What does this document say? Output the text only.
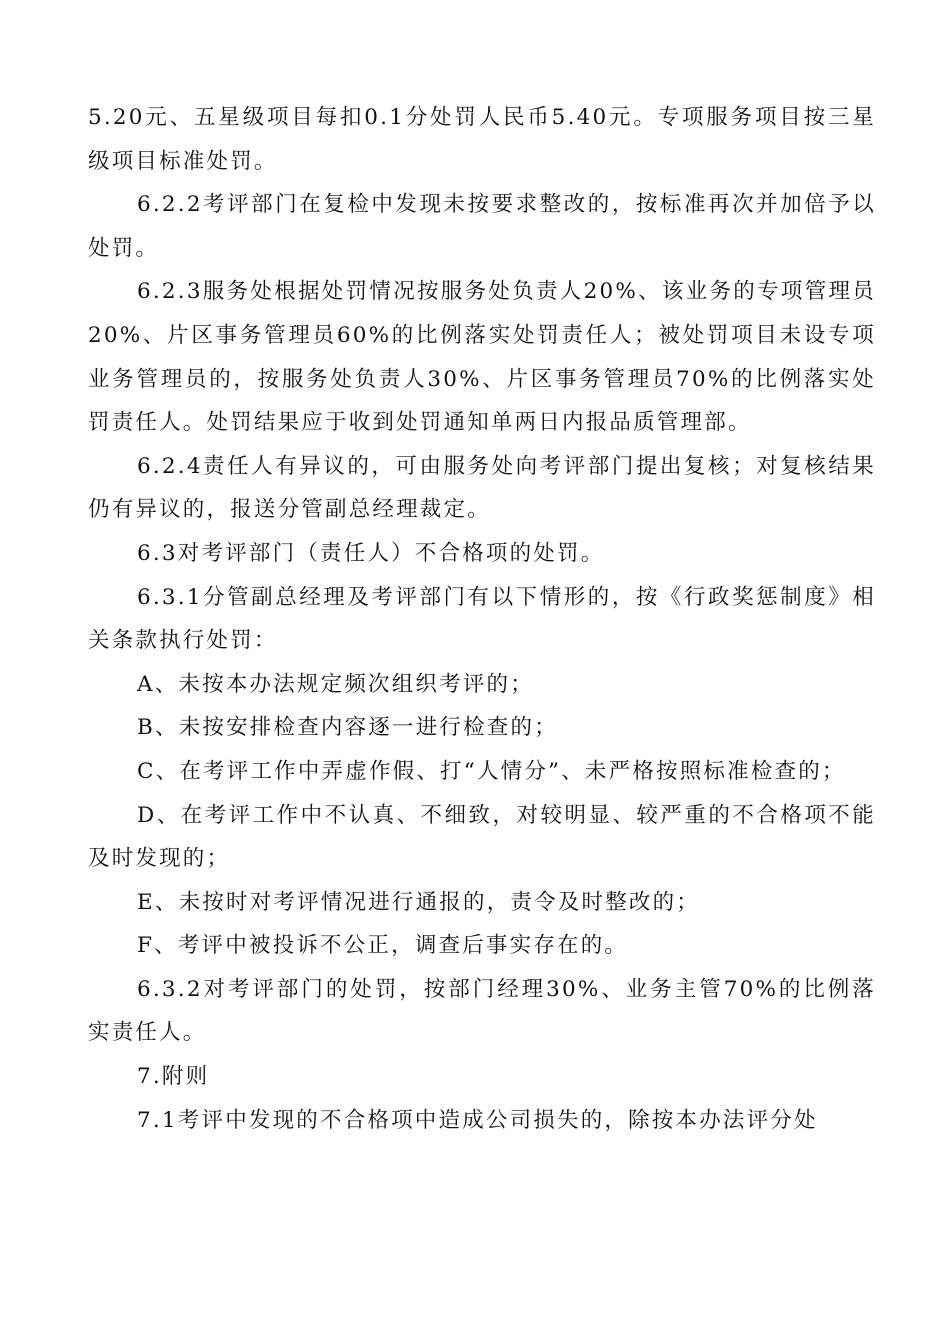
5.20元、五星级项目每扣0.1分处罚人民币5.40元。专项服务项目按三星级项目标准处罚。

6.2.2考评部门在复检中发现未按要求整改的，按标准再次并加倍予以处罚。

6.2.3服务处根据处罚情况按服务处负责人20%、该业务的专项管理员20%、片区事务管理员60%的比例落实处罚责任人；被处罚项目未设专项业务管理员的，按服务处负责人30%、片区事务管理员70%的比例落实处罚责任人。处罚结果应于收到处罚通知单两日内报品质管理部。

6.2.4责任人有异议的，可由服务处向考评部门提出复核；对复核结果仍有异议的，报送分管副总经理裁定。

6.3对考评部门（责任人）不合格项的处罚。

6.3.1分管副总经理及考评部门有以下情形的，按《行政奖惩制度》相关条款执行处罚：

A、未按本办法规定频次组织考评的；

B、未按安排检查内容逐一进行检查的；

C、在考评工作中弄虚作假、打“人情分”、未严格按照标准检查的；

D、在考评工作中不认真、不细致，对较明显、较严重的不合格项不能及时发现的；

E、未按时对考评情况进行通报的，责令及时整改的；

F、考评中被投诉不公正，调查后事实存在的。

6.3.2对考评部门的处罚，按部门经理30%、业务主管70%的比例落实责任人。

7.附则

7.1考评中发现的不合格项中造成公司损失的，除按本办法评分处
